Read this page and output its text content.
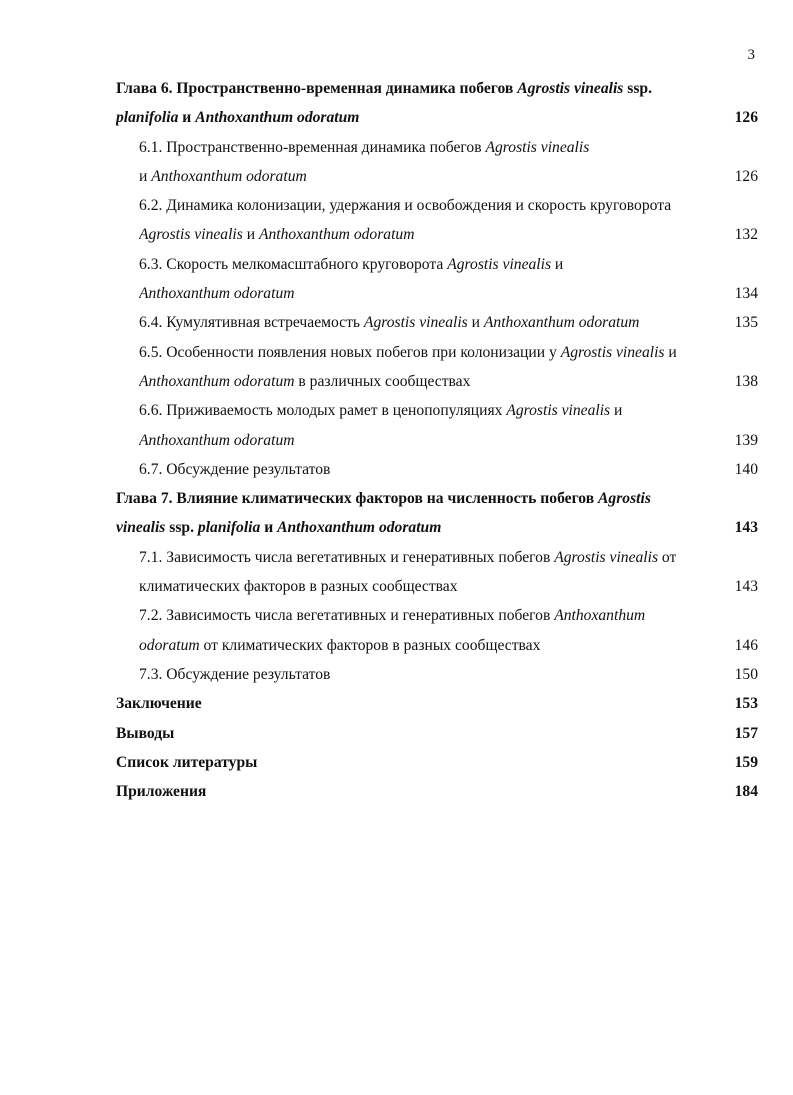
3
Глава 6. Пространственно-временная динамика побегов Agrostis vinealis ssp.
planifolia и Anthoxanthum odoratum	126
6.1. Пространственно-временная динамика побегов Agrostis vinealis
и Anthoxanthum odoratum	126
6.2. Динамика колонизации, удержания и освобождения и скорость круговорота
Agrostis vinealis и Anthoxanthum odoratum	132
6.3. Скорость мелкомасштабного круговорота Agrostis vinealis и
Anthoxanthum odoratum	134
6.4. Кумулятивная встречаемость Agrostis vinealis и Anthoxanthum odoratum	135
6.5. Особенности появления новых побегов при колонизации у Agrostis vinealis и
Anthoxanthum odoratum в различных сообществах	138
6.6. Приживаемость молодых рамет в ценопопуляциях Agrostis vinealis и
Anthoxanthum odoratum	139
6.7. Обсуждение результатов	140
Глава 7. Влияние климатических факторов на численность побегов Agrostis
vinealis ssp. planifolia и Anthoxanthum odoratum	143
7.1. Зависимость числа вегетативных и генеративных побегов Agrostis vinealis от
климатических факторов в разных сообществах	143
7.2. Зависимость числа вегетативных и генеративных побегов Anthoxanthum
odoratum от климатических факторов в разных сообществах	146
7.3. Обсуждение результатов	150
Заключение	153
Выводы	157
Список литературы	159
Приложения	184
